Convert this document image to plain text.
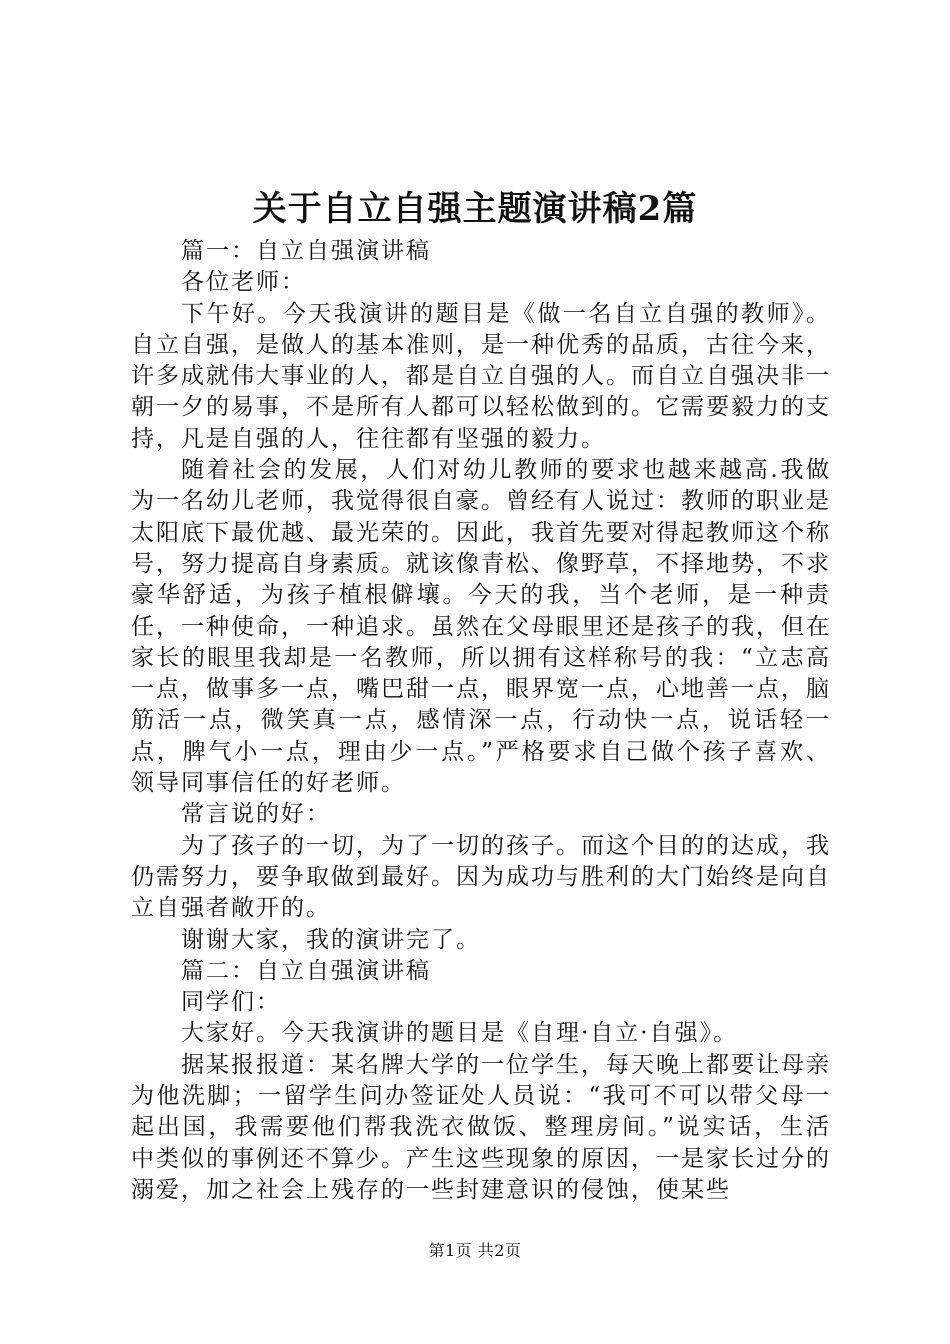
关于自立自强主题演讲稿2篇

篇一：自立自强演讲稿

各位老师：

下午好。今天我演讲的题目是《做一名自立自强的教师》。自立自强，是做人的基本准则，是一种优秀的品质，古往今来，许多成就伟大事业的人，都是自立自强的人。而自立自强决非一朝一夕的易事，不是所有人都可以轻松做到的。它需要毅力的支持，凡是自强的人，往往都有坚强的毅力。

随着社会的发展，人们对幼儿教师的要求也越来越高.我做为一名幼儿老师，我觉得很自豪。曾经有人说过：教师的职业是太阳底下最优越、最光荣的。因此，我首先要对得起教师这个称号，努力提高自身素质。就该像青松、像野草，不择地势，不求豪华舒适，为孩子植根僻壤。今天的我，当个老师，是一种责任，一种使命，一种追求。虽然在父母眼里还是孩子的我，但在家长的眼里我却是一名教师，所以拥有这样称号的我：“立志高一点，做事多一点，嘴巴甜一点，眼界宽一点，心地善一点，脑筋活一点，微笑真一点，感情深一点，行动快一点，说话轻一点，脾气小一点，理由少一点。”严格要求自己做个孩子喜欢、领导同事信任的好老师。

常言说的好：

为了孩子的一切，为了一切的孩子。而这个目的的达成，我仍需努力，要争取做到最好。因为成功与胜利的大门始终是向自立自强者敞开的。

谢谢大家，我的演讲完了。

篇二：自立自强演讲稿

同学们：

大家好。今天我演讲的题目是《自理·自立·自强》。

据某报报道：某名牌大学的一位学生，每天晚上都要让母亲为他洗脚；一留学生问办签证处人员说：“我可不可以带父母一起出国，我需要他们帮我洗衣做饭、整理房间。”说实话，生活中类似的事例还不算少。产生这些现象的原因，一是家长过分的溺爱，加之社会上残存的一些封建意识的侵蚀，使某些

第1页 共2页
